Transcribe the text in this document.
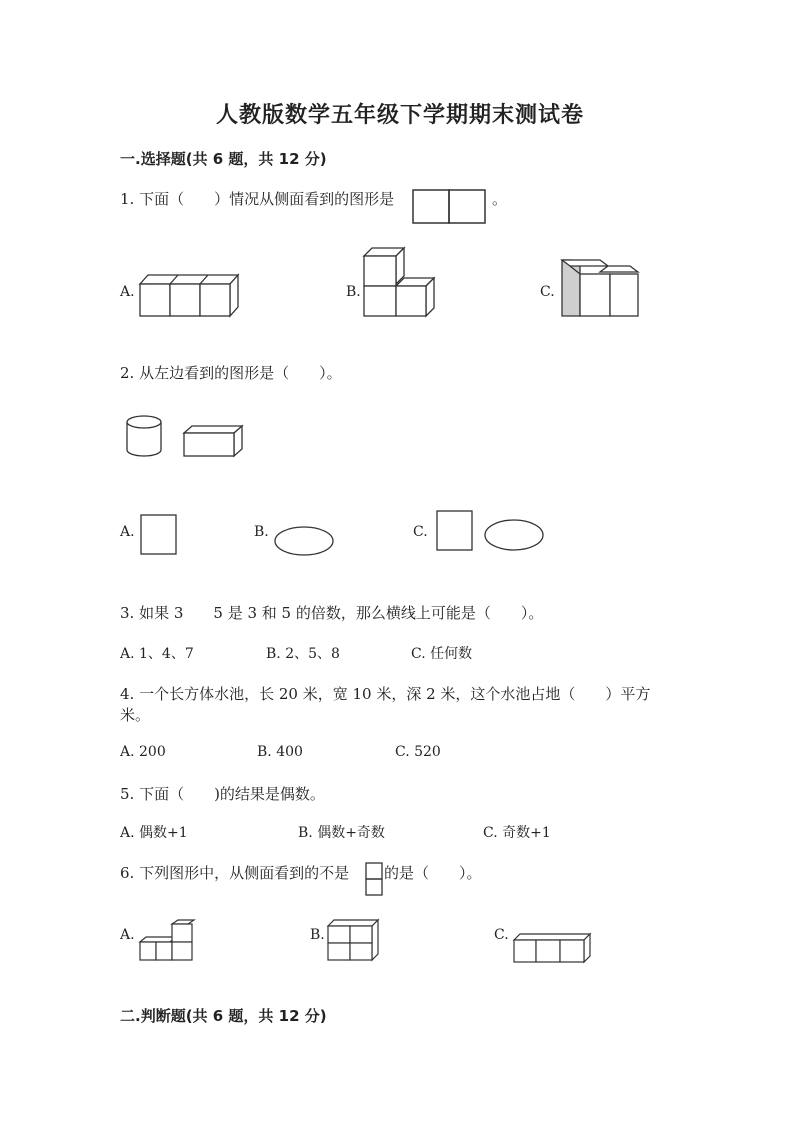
人教版数学五年级下学期期末测试卷
一.选择题(共 6 题，共 12 分)
1. 下面（　　）情况从侧面看到的图形是	。
A.	B.	C.
2. 从左边看到的图形是（　　）。
A.	B.	C.
3. 如果 3　　5 是 3 和 5 的倍数，那么横线上可能是（　　）。
A. 1、4、7	B. 2、5、8	C. 任何数
4. 一个长方体水池，长 20 米，宽 10 米，深 2 米，这个水池占地（　　）平方
米。
A. 200	B. 400	C. 520
5. 下面（　　)的结果是偶数。
A. 偶数+1	B. 偶数+奇数	C. 奇数+1
6. 下列图形中，从侧面看到的不是 的是（　　）。
A.	B.	C.
二.判断题(共 6 题，共 12 分)
